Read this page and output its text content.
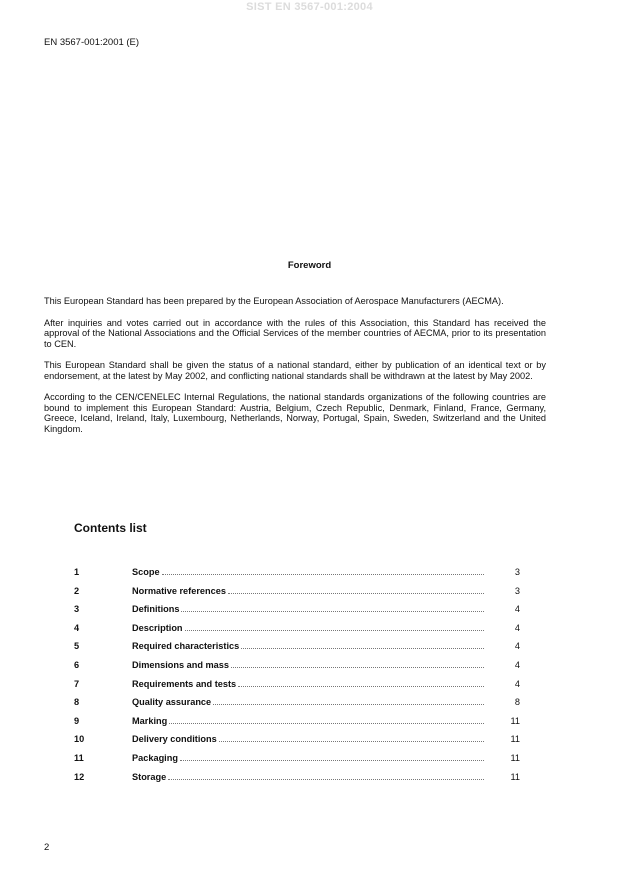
SIST EN 3567-001:2004
EN 3567-001:2001 (E)
Foreword

This European Standard has been prepared by the European Association of Aerospace Manufacturers (AECMA).

After inquiries and votes carried out in accordance with the rules of this Association, this Standard has received the approval of the National Associations and the Official Services of the member countries of AECMA, prior to its presentation to CEN.

This European Standard shall be given the status of a national standard, either by publication of an identical text or by endorsement, at the latest by May 2002, and conflicting national standards shall be withdrawn at the latest by May 2002.

According to the CEN/CENELEC Internal Regulations, the national standards organizations of the following countries are bound to implement this European Standard: Austria, Belgium, Czech Republic, Denmark, Finland, France, Germany, Greece, Iceland, Ireland, Italy, Luxembourg, Netherlands, Norway, Portugal, Spain, Sweden, Switzerland and the United Kingdom.

Contents list
1	Scope	3
2	Normative references	3
3	Definitions	4
4	Description	4
5	Required characteristics	4
6	Dimensions and mass	4
7	Requirements and tests	4
8	Quality assurance	8
9	Marking	11
10	Delivery conditions	11
11	Packaging	11
12	Storage	11
2
